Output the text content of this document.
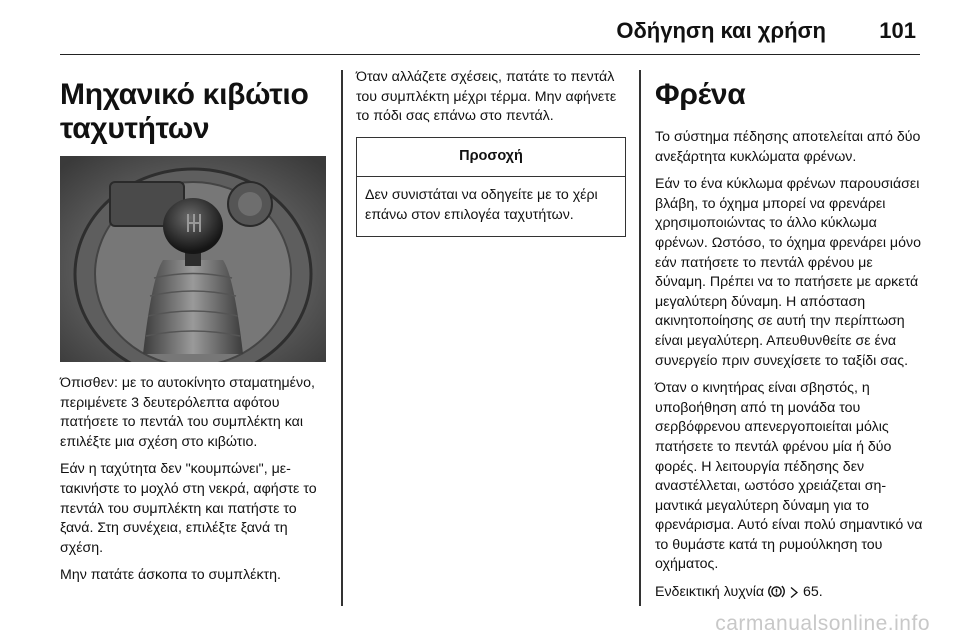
Οδήγηση και χρήση 101
Μηχανικό κιβώτιο ταχυτήτων

Όπισθεν: με το αυτοκίνητο σταματημένο, περιμένετε 3 δευτερόλεπτα αφότου πατήσετε το πεντάλ του συμπλέκτη και επιλέξτε μια σχέση στο κιβώτιο.

Εάν η ταχύτητα δεν "κουμπώνει", μετακινήστε το μοχλό στη νεκρά, αφήστε το πεντάλ του συμπλέκτη και πατήστε το ξανά. Στη συνέχεια, επιλέξτε ξανά τη σχέση.

Μην πατάτε άσκοπα το συμπλέκτη.

Όταν αλλάζετε σχέσεις, πατάτε το πεντάλ του συμπλέκτη μέχρι τέρμα. Μην αφήνετε το πόδι σας επάνω στο πεντάλ.

Προσοχή
Δεν συνιστάται να οδηγείτε με το χέρι επάνω στον επιλογέα ταχυτήτων.
Φρένα

Το σύστημα πέδησης αποτελείται από δύο ανεξάρτητα κυκλώματα φρένων.

Εάν το ένα κύκλωμα φρένων παρουσιάσει βλάβη, το όχημα μπορεί να φρενάρει χρησιμοποιώντας το άλλο κύκλωμα φρένων. Ωστόσο, το όχημα φρενάρει μόνο εάν πατήσετε το πεντάλ φρένου με δύναμη. Πρέπει να το πατήσετε με αρκετά μεγαλύτερη δύναμη. Η απόσταση ακινητοποίησης σε αυτή την περίπτωση είναι μεγαλύτερη. Απευθυνθείτε σε ένα συνεργείο πριν συνεχίσετε το ταξίδι σας.

Όταν ο κινητήρας είναι σβηστός, η υποβοήθηση από τη μονάδα του σερβόφρενου απενεργοποιείται μόλις πατήσετε το πεντάλ φρένου μία ή δύο φορές. Η λειτουργία πέδησης δεν αναστέλλεται, ωστόσο χρειάζεται σημαντικά μεγαλύτερη δύναμη για το φρενάρισμα. Αυτό είναι πολύ σημαντικό να το θυμάστε κατά τη ρυμούλκηση του οχήματος.

Ενδεικτική λυχνία	65.

carmanualsonline.info
